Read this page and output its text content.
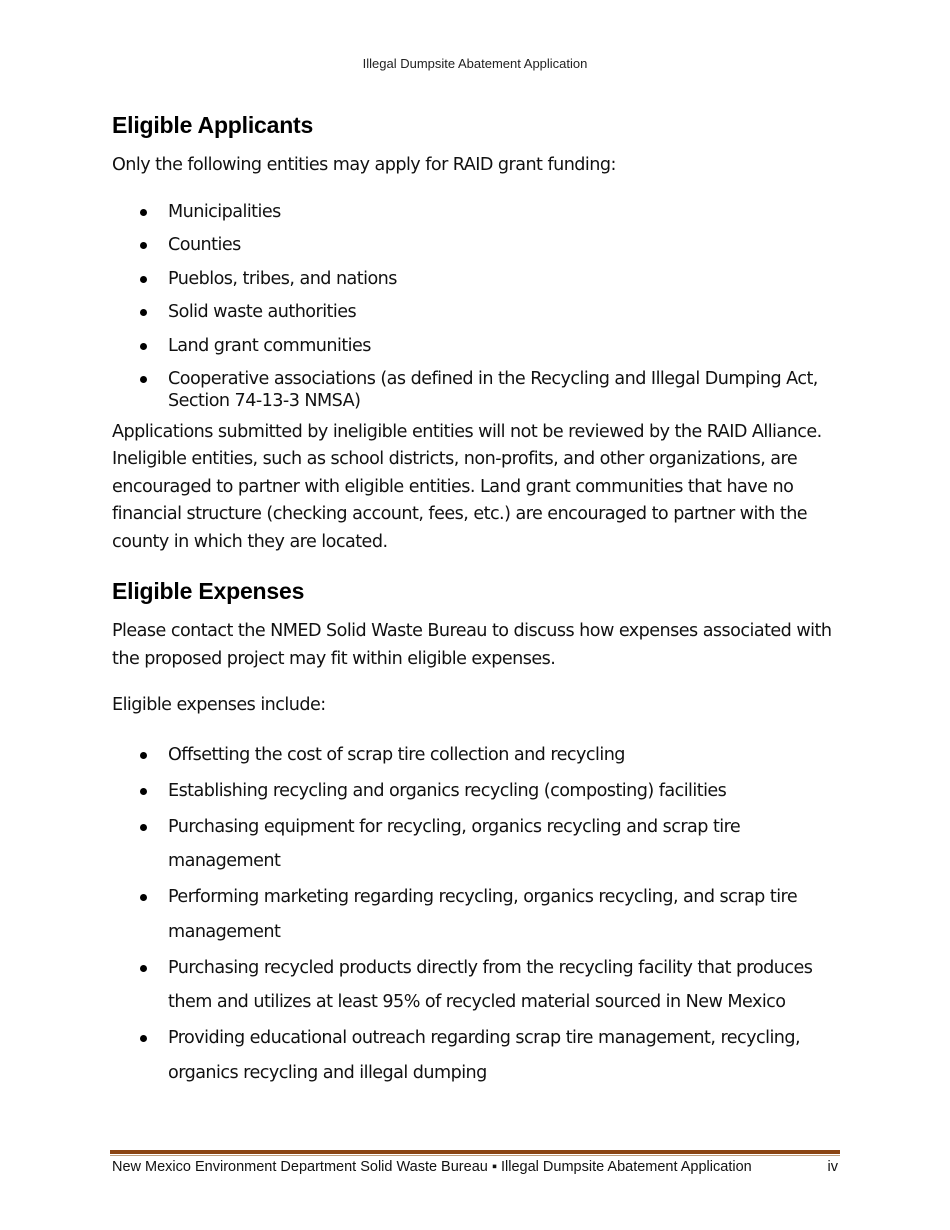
Illegal Dumpsite Abatement Application
Eligible Applicants

Only the following entities may apply for RAID grant funding:

Municipalities
Counties
Pueblos, tribes, and nations
Solid waste authorities
Land grant communities
Cooperative associations (as defined in the Recycling and Illegal Dumping Act, Section 74-13-3 NMSA)

Applications submitted by ineligible entities will not be reviewed by the RAID Alliance. Ineligible entities, such as school districts, non-profits, and other organizations, are encouraged to partner with eligible entities. Land grant communities that have no financial structure (checking account, fees, etc.) are encouraged to partner with the county in which they are located.

Eligible Expenses

Please contact the NMED Solid Waste Bureau to discuss how expenses associated with the proposed project may fit within eligible expenses.

Eligible expenses include:

Offsetting the cost of scrap tire collection and recycling
Establishing recycling and organics recycling (composting) facilities
Purchasing equipment for recycling, organics recycling and scrap tire management
Performing marketing regarding recycling, organics recycling, and scrap tire management
Purchasing recycled products directly from the recycling facility that produces them and utilizes at least 95% of recycled material sourced in New Mexico
Providing educational outreach regarding scrap tire management, recycling, organics recycling and illegal dumping
New Mexico Environment Department Solid Waste Bureau ▪ Illegal Dumpsite Abatement Application	iv
